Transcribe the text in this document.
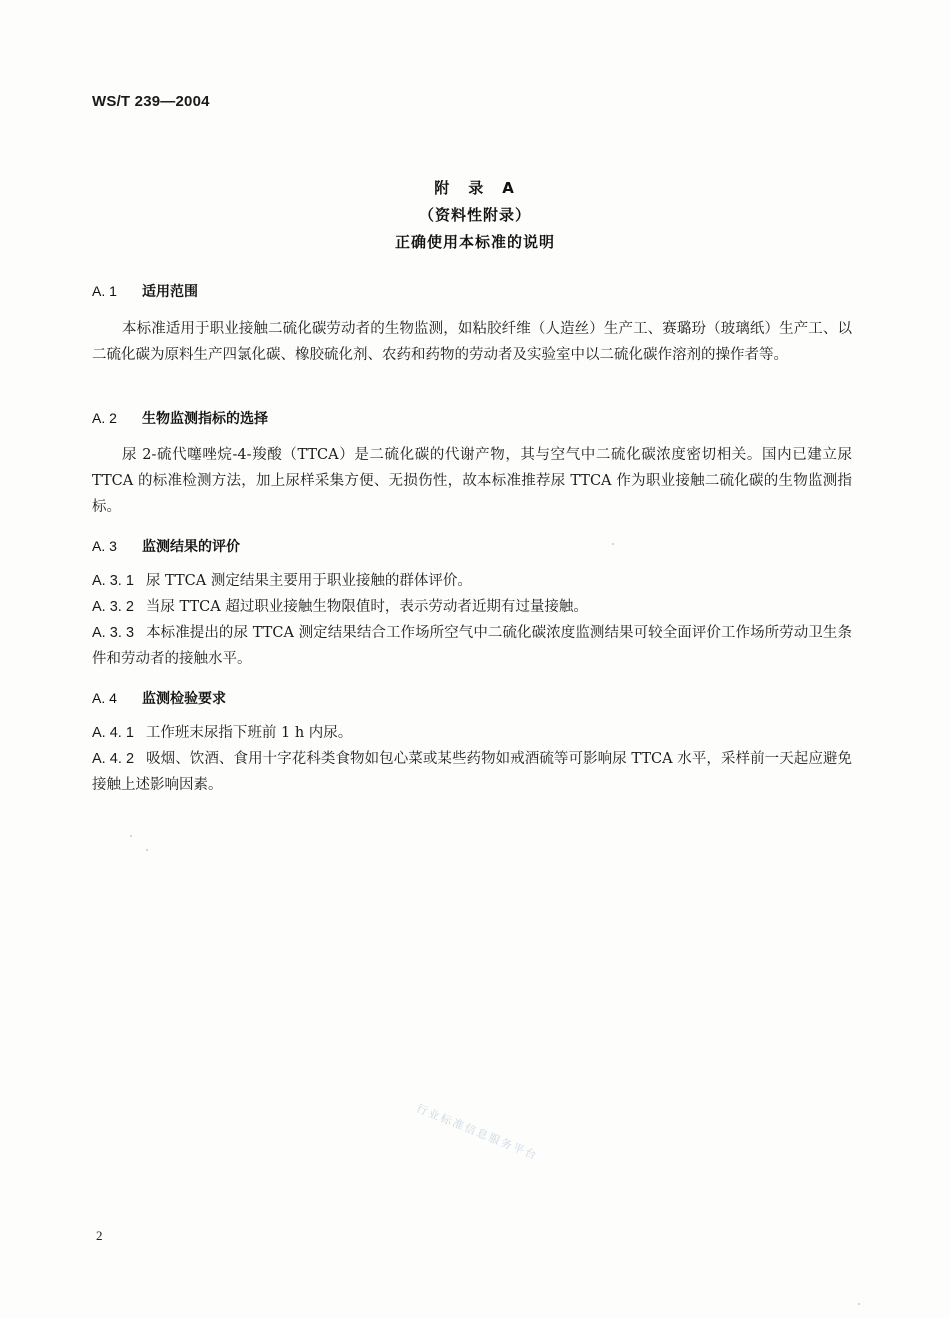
WS/T 239—2004
附　录　A
（资料性附录）
正确使用本标准的说明
A. 1 适用范围

本标准适用于职业接触二硫化碳劳动者的生物监测，如粘胶纤维（人造丝）生产工、赛璐玢（玻璃纸）生产工、以二硫化碳为原料生产四氯化碳、橡胶硫化剂、农药和药物的劳动者及实验室中以二硫化碳作溶剂的操作者等。

A. 2 生物监测指标的选择

尿 2-硫代噻唑烷-4-羧酸（TTCA）是二硫化碳的代谢产物，其与空气中二硫化碳浓度密切相关。国内已建立尿 TTCA 的标准检测方法，加上尿样采集方便、无损伤性，故本标准推荐尿 TTCA 作为职业接触二硫化碳的生物监测指标。

A. 3 监测结果的评价

A. 3. 1 尿 TTCA 测定结果主要用于职业接触的群体评价。

A. 3. 2 当尿 TTCA 超过职业接触生物限值时，表示劳动者近期有过量接触。

A. 3. 3 本标准提出的尿 TTCA 测定结果结合工作场所空气中二硫化碳浓度监测结果可较全面评价工作场所劳动卫生条件和劳动者的接触水平。

A. 4 监测检验要求

A. 4. 1 工作班末尿指下班前 1 h 内尿。

A. 4. 2 吸烟、饮酒、食用十字花科类食物如包心菜或某些药物如戒酒硫等可影响尿 TTCA 水平，采样前一天起应避免接触上述影响因素。

行业标准信息服务平台
2
